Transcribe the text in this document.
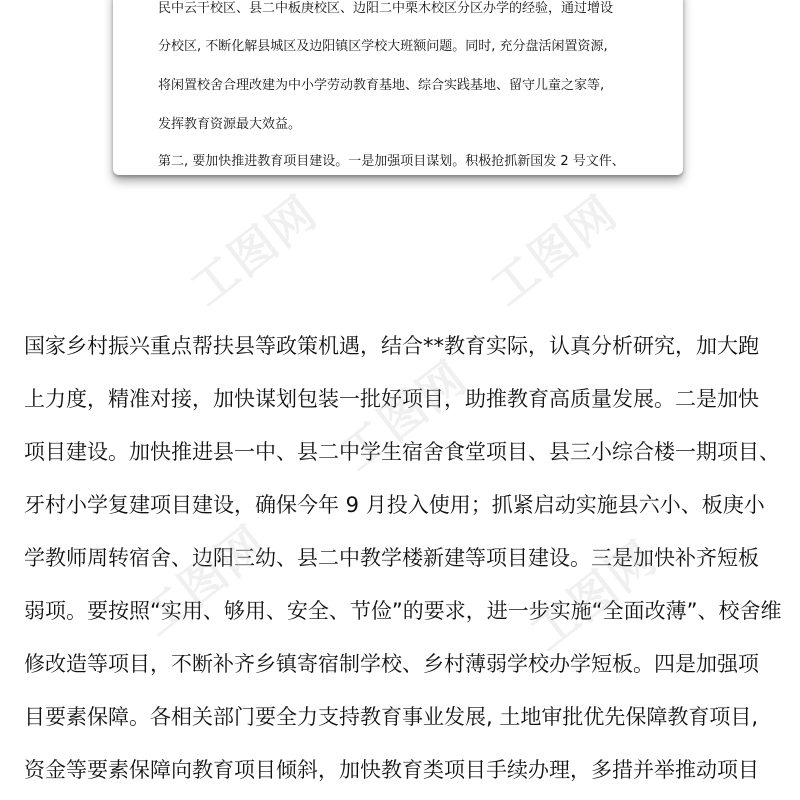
民中云干校区、县二中板庚校区、边阳二中栗木校区分区办学的经验，通过增设
分校区, 不断化解县城区及边阳镇区学校大班额问题。同时, 充分盘活闲置资源,
将闲置校舍合理改建为中小学劳动教育基地、综合实践基地、留守儿童之家等,
发挥教育资源最大效益。
第二, 要加快推进教育项目建设。一是加强项目谋划。积极抢抓新国发 2 号文件、
国家乡村振兴重点帮扶县等政策机遇，结合**教育实际，认真分析研究，加大跑
上力度，精准对接，加快谋划包装一批好项目，助推教育高质量发展。二是加快
项目建设。加快推进县一中、县二中学生宿舍食堂项目、县三小综合楼一期项目、
牙村小学复建项目建设，确保今年 9 月投入使用；抓紧启动实施县六小、板庚小
学教师周转宿舍、边阳三幼、县二中教学楼新建等项目建设。三是加快补齐短板
弱项。要按照“实用、够用、安全、节俭”的要求，进一步实施“全面改薄”、校舍维
修改造等项目，不断补齐乡镇寄宿制学校、乡村薄弱学校办学短板。四是加强项
目要素保障。各相关部门要全力支持教育事业发展, 土地审批优先保障教育项目,
资金等要素保障向教育项目倾斜，加快教育类项目手续办理，多措并举推动项目
工图网	工图网
工图网
工图网	工图网
